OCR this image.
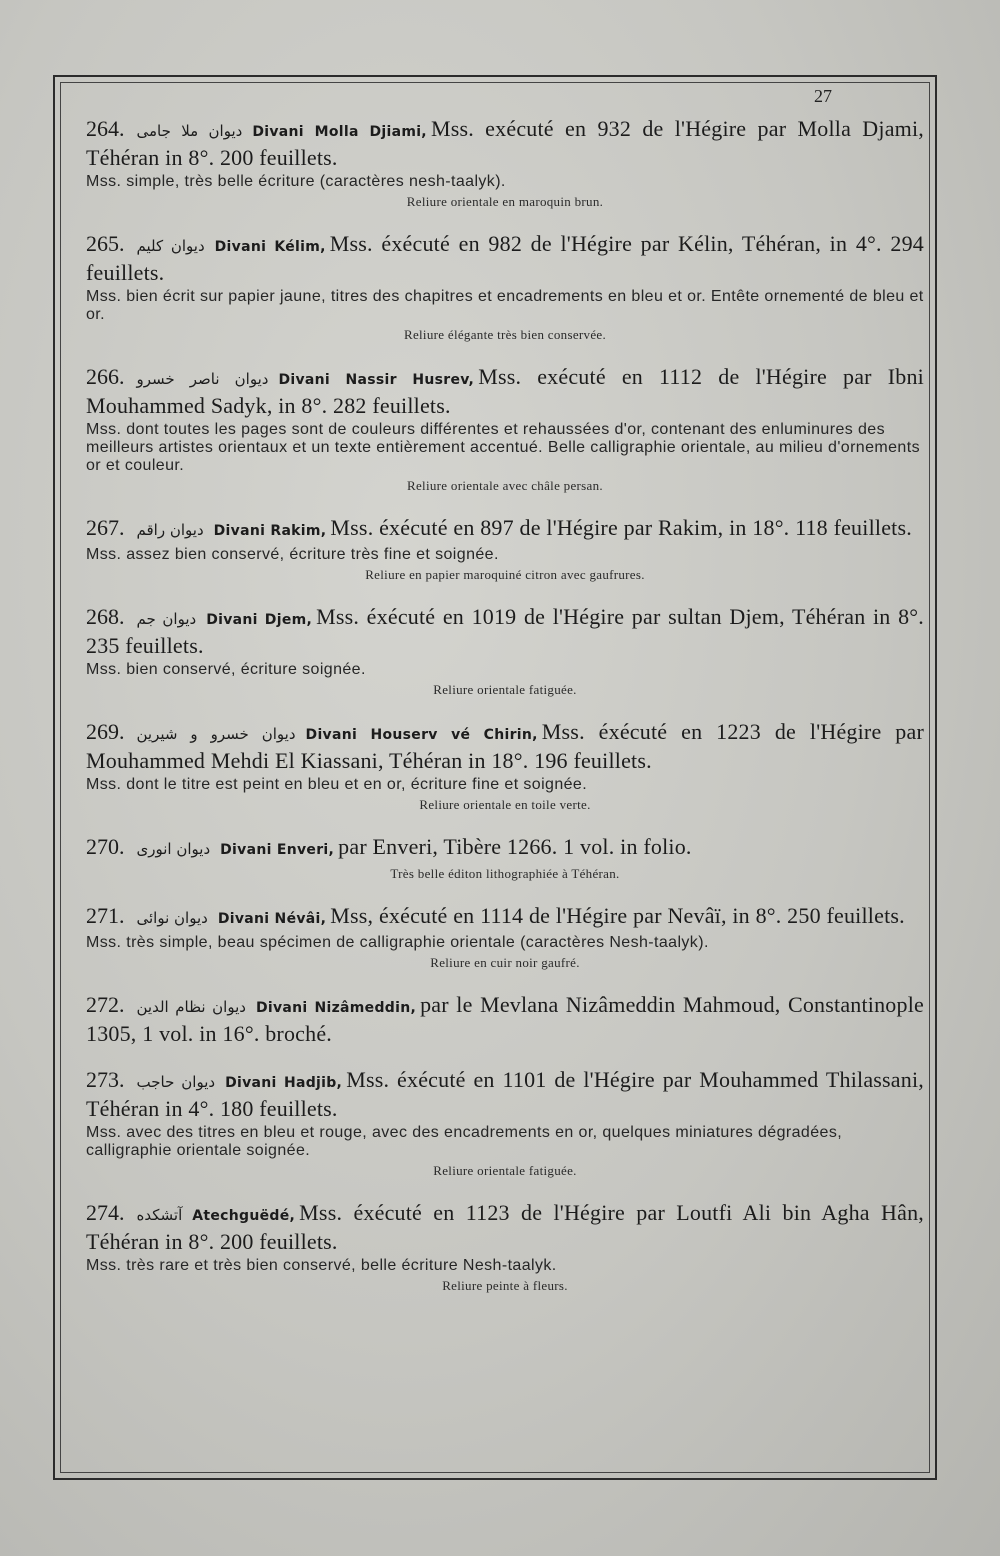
27
264. ديوان ملا جامى Divani Molla Djiami, Mss. exécuté en 932 de l'Hégire par Molla Djami, Téhéran in 8°. 200 feuillets.
Mss. simple, très belle écriture (caractères nesh-taalyk).
Reliure orientale en maroquin brun.
265. ديوان كليم Divani Kélim, Mss. éxécuté en 982 de l'Hégire par Kélin, Téhéran, in 4°. 294 feuillets.
Mss. bien écrit sur papier jaune, titres des chapitres et encadrements en bleu et or. Entête ornementé de bleu et or.
Reliure élégante très bien conservée.
266. ديوان ناصر خسرو Divani Nassir Husrev, Mss. exécuté en 1112 de l'Hégire par Ibni Mouhammed Sadyk, in 8°. 282 feuillets.
Mss. dont toutes les pages sont de couleurs différentes et rehaussées d'or, contenant des enluminures des meilleurs artistes orientaux et un texte entièrement accentué. Belle calligraphie orientale, au milieu d'ornements or et couleur.
Reliure orientale avec châle persan.
267. ديوان راقم Divani Rakim, Mss. éxécuté en 897 de l'Hégire par Rakim, in 18°. 118 feuillets.
Mss. assez bien conservé, écriture très fine et soignée.
Reliure en papier maroquiné citron avec gaufrures.
268. ديوان جم Divani Djem, Mss. éxécuté en 1019 de l'Hégire par sultan Djem, Téhéran in 8°. 235 feuillets.
Mss. bien conservé, écriture soignée.
Reliure orientale fatiguée.
269. ديوان خسرو و شيرين Divani Houserv vé Chirin, Mss. éxécuté en 1223 de l'Hégire par Mouhammed Mehdi El Kiassani, Téhéran in 18°. 196 feuillets.
Mss. dont le titre est peint en bleu et en or, écriture fine et soignée.
Reliure orientale en toile verte.
270. ديوان انورى Divani Enveri, par Enveri, Tibère 1266. 1 vol. in folio.
Très belle éditon lithographiée à Téhéran.
271. ديوان نوائى Divani Névâi, Mss, éxécuté en 1114 de l'Hégire par Nevâï, in 8°. 250 feuillets.
Mss. très simple, beau spécimen de calligraphie orientale (caractères Nesh-taalyk).
Reliure en cuir noir gaufré.
272. ديوان نظام الدين Divani Nizâmeddin, par le Mevlana Nizâmeddin Mahmoud, Constantinople 1305, 1 vol. in 16°. broché.
273. ديوان حاجب Divani Hadjib, Mss. éxécuté en 1101 de l'Hégire par Mouhammed Thilassani, Téhéran in 4°. 180 feuillets.
Mss. avec des titres en bleu et rouge, avec des encadrements en or, quelques miniatures dégradées, calligraphie orientale soignée.
Reliure orientale fatiguée.
274. آتشكده Atechguëdé, Mss. éxécuté en 1123 de l'Hégire par Loutfi Ali bin Agha Hân, Téhéran in 8°. 200 feuillets.
Mss. très rare et très bien conservé, belle écriture Nesh-taalyk.
Reliure peinte à fleurs.
